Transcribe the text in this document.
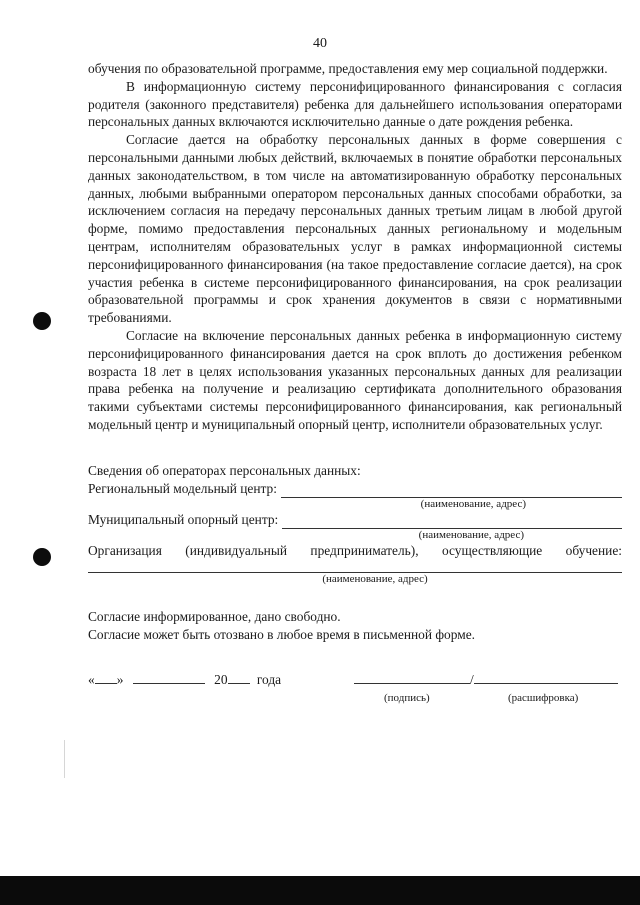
40

обучения по образовательной программе, предоставления ему мер социальной поддержки.

В информационную систему персонифицированного финансирования с согласия родителя (законного представителя) ребенка для дальнейшего использования операторами персональных данных включаются исключительно данные о дате рождения ребенка.

Согласие дается на обработку персональных данных в форме совершения с персональными данными любых действий, включаемых в понятие обработки персональных данных законодательством, в том числе на автоматизированную обработку персональных данных, любыми выбранными оператором персональных данных способами обработки, за исключением согласия на передачу персональных данных третьим лицам в любой другой форме, помимо предоставления персональных данных региональному и модельным центрам, исполнителям образовательных услуг в рамках информационной системы персонифицированного финансирования (на такое предоставление согласие дается), на срок участия ребенка в системе персонифицированного финансирования, на срок реализации образовательной программы и срок хранения документов в связи с нормативными требованиями.

Согласие на включение персональных данных ребенка в информационную систему персонифицированного финансирования дается на срок вплоть до достижения ребенком возраста 18 лет в целях использования указанных персональных данных для реализации права ребенка на получение и реализацию сертификата дополнительного образования такими субъектами системы персонифицированного финансирования, как региональный модельный центр и муниципальный опорный центр, исполнители образовательных услуг.

Сведения об операторах персональных данных:
Региональный модельный центр:
(наименование, адрес)
Муниципальный опорный центр:
(наименование, адрес)
Организация (индивидуальный предприниматель), осуществляющие обучение:
(наименование, адрес)
Согласие информированное, дано свободно.
Согласие может быть отозвано в любое время в письменной форме.
« »	20 года	/
(подпись)	(расшифровка)
